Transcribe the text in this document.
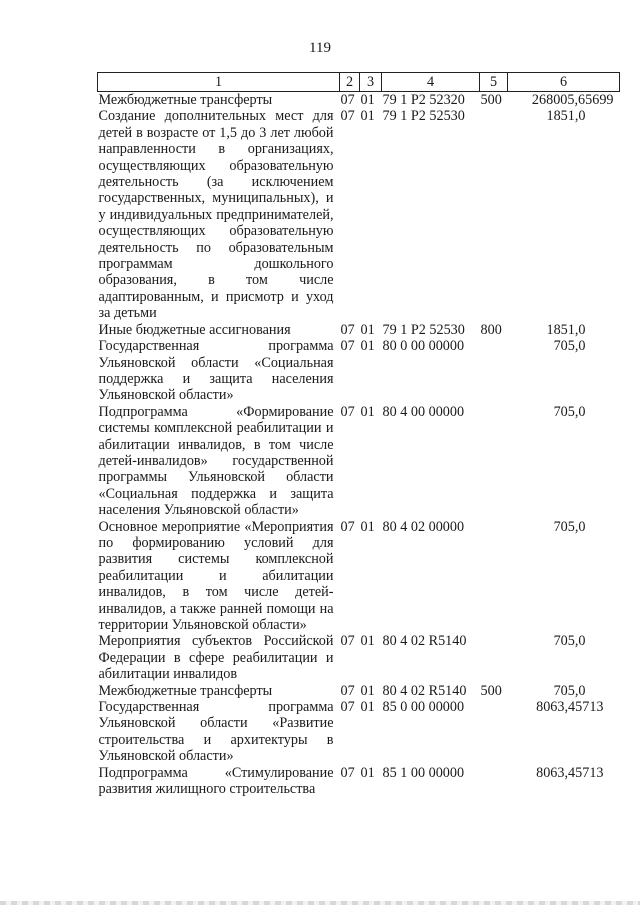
119
1	2	3	4	5	6
Межбюджетные трансферты	07	01	79 1 Р2 52320	500	268005,65699
Создание дополнительных мест для детей в возрасте от 1,5 до 3 лет любой направленности в организациях, осуществляющих образовательную деятельность (за исключением государственных, муниципальных), и у индивидуальных предпринимателей, осуществляющих образовательную деятельность по образовательным программам дошкольного образования, в том числе адаптированным, и присмотр и уход за детьми	07	01	79 1 Р2 52530		1851,0
Иные бюджетные ассигнования	07	01	79 1 Р2 52530	800	1851,0
Государственная программа Ульяновской области «Социальная поддержка и защита населения Ульяновской области»	07	01	80 0 00 00000		705,0
Подпрограмма «Формирование системы комплексной реабилитации и абилитации инвалидов, в том числе детей-инвалидов» государственной программы Ульяновской области «Социальная поддержка и защита населения Ульяновской области»	07	01	80 4 00 00000		705,0
Основное мероприятие «Мероприятия по формированию условий для развития системы комплексной реабилитации и абилитации инвалидов, в том числе детей-инвалидов, а также ранней помощи на территории Ульяновской области»	07	01	80 4 02 00000		705,0
Мероприятия субъектов Российской Федерации в сфере реабилитации и абилитации инвалидов	07	01	80 4 02 R5140		705,0
Межбюджетные трансферты	07	01	80 4 02 R5140	500	705,0
Государственная программа Ульяновской области «Развитие строительства и архитектуры в Ульяновской области»	07	01	85 0 00 00000		8063,45713
Подпрограмма «Стимулирование развития жилищного строительства	07	01	85 1 00 00000		8063,45713
